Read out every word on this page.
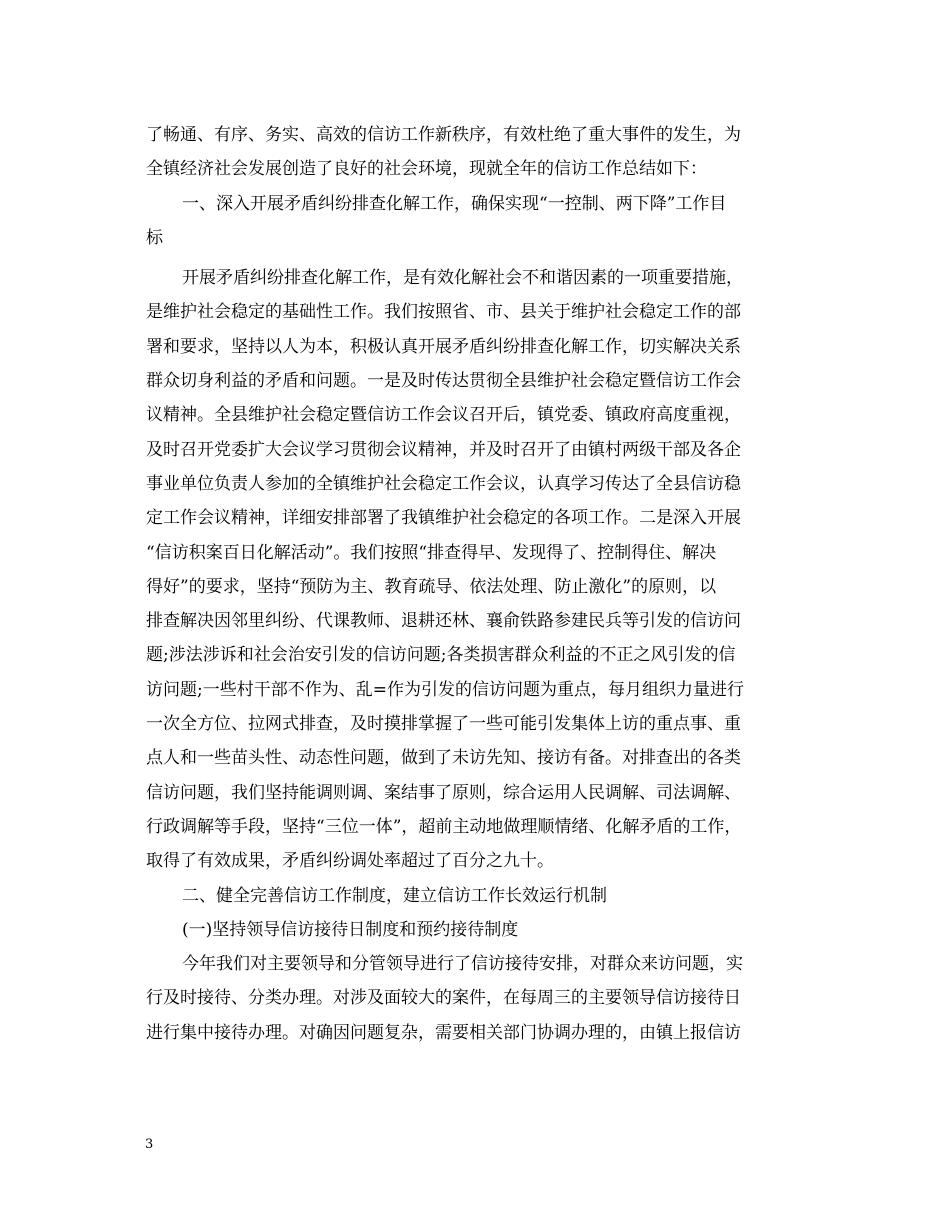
了畅通、有序、务实、高效的信访工作新秩序，有效杜绝了重大事件的发生，为
全镇经济社会发展创造了良好的社会环境，现就全年的信访工作总结如下：
一、深入开展矛盾纠纷排查化解工作，确保实现“一控制、两下降”工作目
标
开展矛盾纠纷排查化解工作，是有效化解社会不和谐因素的一项重要措施，
是维护社会稳定的基础性工作。我们按照省、市、县关于维护社会稳定工作的部
署和要求，坚持以人为本，积极认真开展矛盾纠纷排查化解工作，切实解决关系
群众切身利益的矛盾和问题。一是及时传达贯彻全县维护社会稳定暨信访工作会
议精神。全县维护社会稳定暨信访工作会议召开后，镇党委、镇政府高度重视，
及时召开党委扩大会议学习贯彻会议精神，并及时召开了由镇村两级干部及各企
事业单位负责人参加的全镇维护社会稳定工作会议，认真学习传达了全县信访稳
定工作会议精神，详细安排部署了我镇维护社会稳定的各项工作。二是深入开展
“信访积案百日化解活动”。我们按照“排查得早、发现得了、控制得住、解决
得好”的要求，坚持“预防为主、教育疏导、依法处理、防止激化”的原则，以
排查解决因邻里纠纷、代课教师、退耕还林、襄俞铁路参建民兵等引发的信访问
题;涉法涉诉和社会治安引发的信访问题;各类损害群众利益的不正之风引发的信
访问题;一些村干部不作为、乱=作为引发的信访问题为重点，每月组织力量进行
一次全方位、拉网式排查，及时摸排掌握了一些可能引发集体上访的重点事、重
点人和一些苗头性、动态性问题，做到了未访先知、接访有备。对排查出的各类
信访问题，我们坚持能调则调、案结事了原则，综合运用人民调解、司法调解、
行政调解等手段，坚持“三位一体”，超前主动地做理顺情绪、化解矛盾的工作，
取得了有效成果，矛盾纠纷调处率超过了百分之九十。
二、健全完善信访工作制度，建立信访工作长效运行机制
(一)坚持领导信访接待日制度和预约接待制度
今年我们对主要领导和分管领导进行了信访接待安排，对群众来访问题，实
行及时接待、分类办理。对涉及面较大的案件，在每周三的主要领导信访接待日
进行集中接待办理。对确因问题复杂，需要相关部门协调办理的，由镇上报信访
3
